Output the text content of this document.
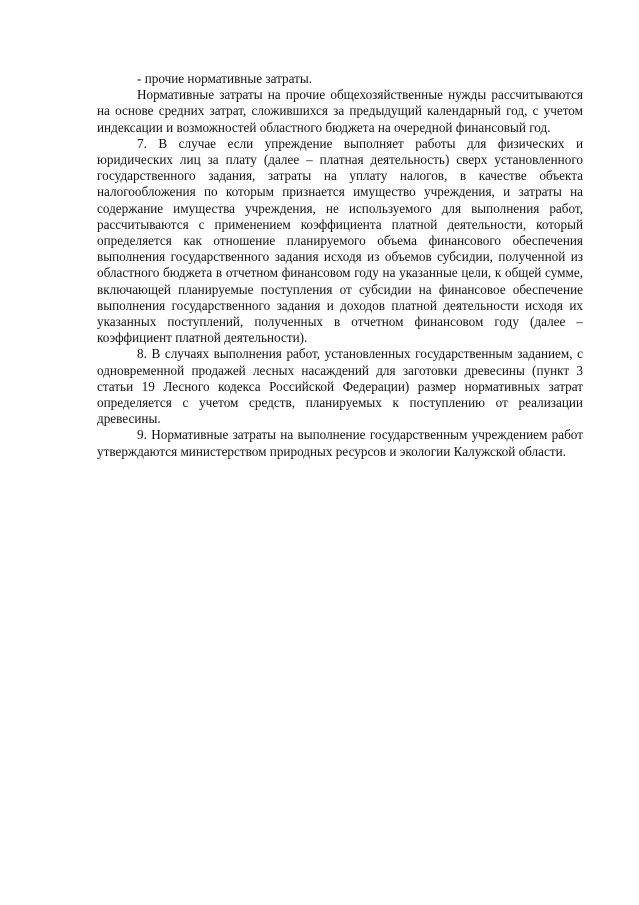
- прочие нормативные затраты.

Нормативные затраты на прочие общехозяйственные нужды рассчитываются на основе средних затрат, сложившихся за предыдущий календарный год, с учетом индексации и возможностей областного бюджета на очередной финансовый год.

7. В случае если упреждение выполняет работы для физических и юридических лиц за плату (далее – платная деятельность) сверх установленного государственного задания, затраты на уплату налогов, в качестве объекта налогообложения по которым признается имущество учреждения, и затраты на содержание имущества учреждения, не используемого для выполнения работ, рассчитываются с применением коэффициента платной деятельности, который определяется как отношение планируемого объема финансового обеспечения выполнения государственного задания исходя из объемов субсидии, полученной из областного бюджета в отчетном финансовом году на указанные цели, к общей сумме, включающей планируемые поступления от субсидии на финансовое обеспечение выполнения государственного задания и доходов платной деятельности исходя их указанных поступлений, полученных в отчетном финансовом году (далее – коэффициент платной деятельности).

8. В случаях выполнения работ, установленных государственным заданием, с одновременной продажей лесных насаждений для заготовки древесины (пункт 3 статьи 19 Лесного кодекса Российской Федерации) размер нормативных затрат определяется с учетом средств, планируемых к поступлению от реализации древесины.

9. Нормативные затраты на выполнение государственным учреждением работ утверждаются министерством природных ресурсов и экологии Калужской области.
